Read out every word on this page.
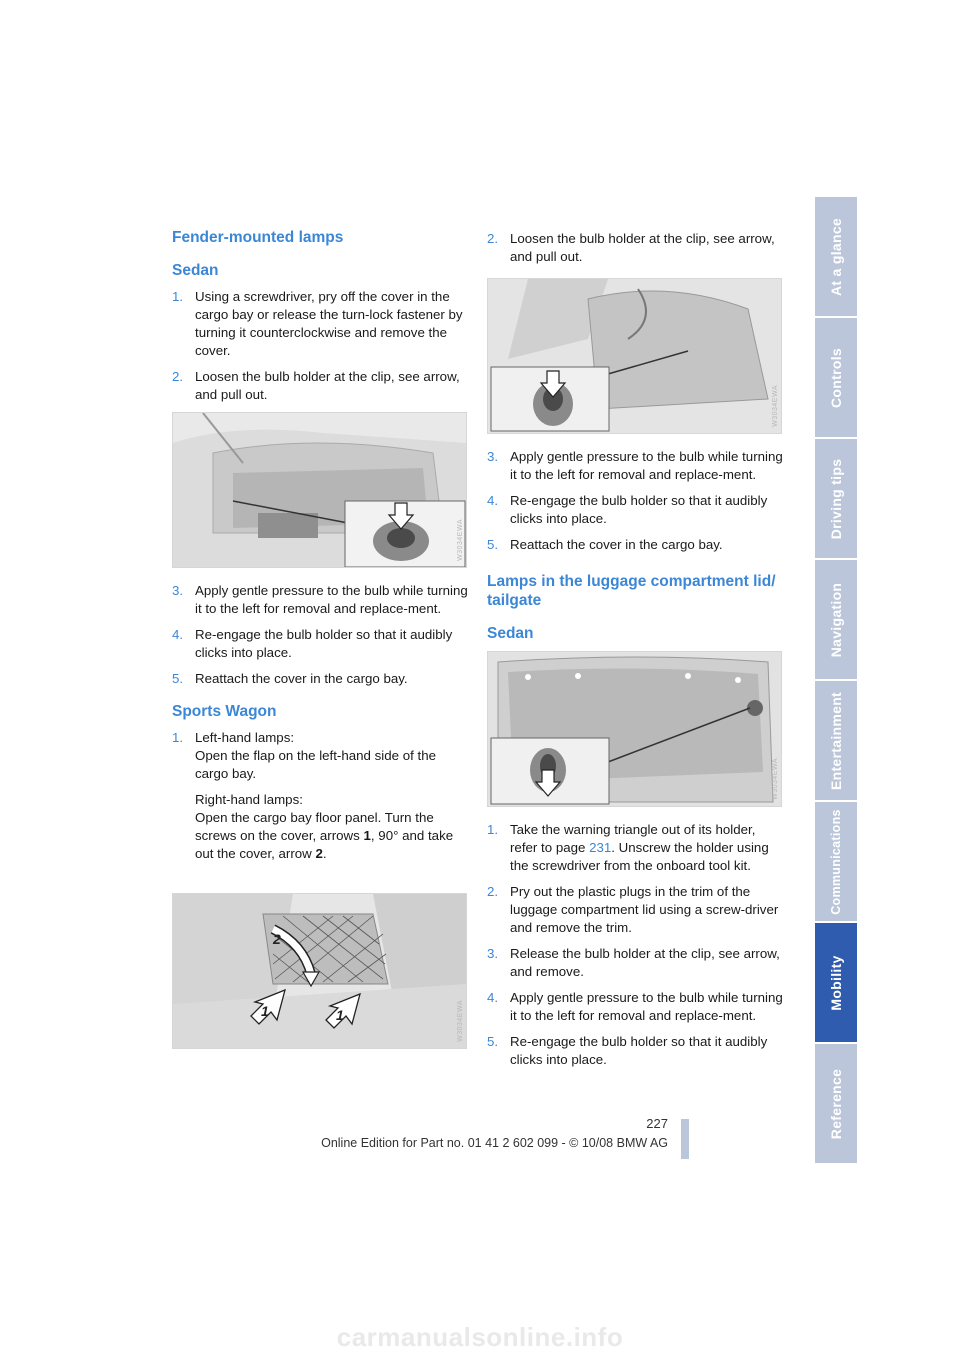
Fender-mounted lamps
Sedan
1. Using a screwdriver, pry off the cover in the cargo bay or release the turn-lock fastener by turning it counterclockwise and remove the cover.
2. Loosen the bulb holder at the clip, see arrow, and pull out.
W3034EWA
3. Apply gentle pressure to the bulb while turning it to the left for removal and replace-ment.
4. Re-engage the bulb holder so that it audibly clicks into place.
5. Reattach the cover in the cargo bay.
Sports Wagon
1. Left-hand lamps:
Open the flap on the left-hand side of the cargo bay.

Right-hand lamps:
Open the cargo bay floor panel. Turn the screws on the cover, arrows 1, 90° and take out the cover, arrow 2.

1	1
2
W3034EWA
2. Loosen the bulb holder at the clip, see arrow, and pull out.
W3034EWA
3. Apply gentle pressure to the bulb while turning it to the left for removal and replace-ment.
4. Re-engage the bulb holder so that it audibly clicks into place.
5. Reattach the cover in the cargo bay.
Lamps in the luggage compartment lid/ tailgate
Sedan
W3034EWA
1. Take the warning triangle out of its holder, refer to page 231. Unscrew the holder using the screwdriver from the onboard tool kit.
2. Pry out the plastic plugs in the trim of the luggage compartment lid using a screw-driver and remove the trim.
3. Release the bulb holder at the clip, see arrow, and remove.
4. Apply gentle pressure to the bulb while turning it to the left for removal and replace-ment.
5. Re-engage the bulb holder so that it audibly clicks into place.
At a glance
Controls
Driving tips
Navigation
Entertainment
Communications
Mobility
Reference
227
Online Edition for Part no. 01 41 2 602 099 - © 10/08 BMW AG
carmanualsonline.info
